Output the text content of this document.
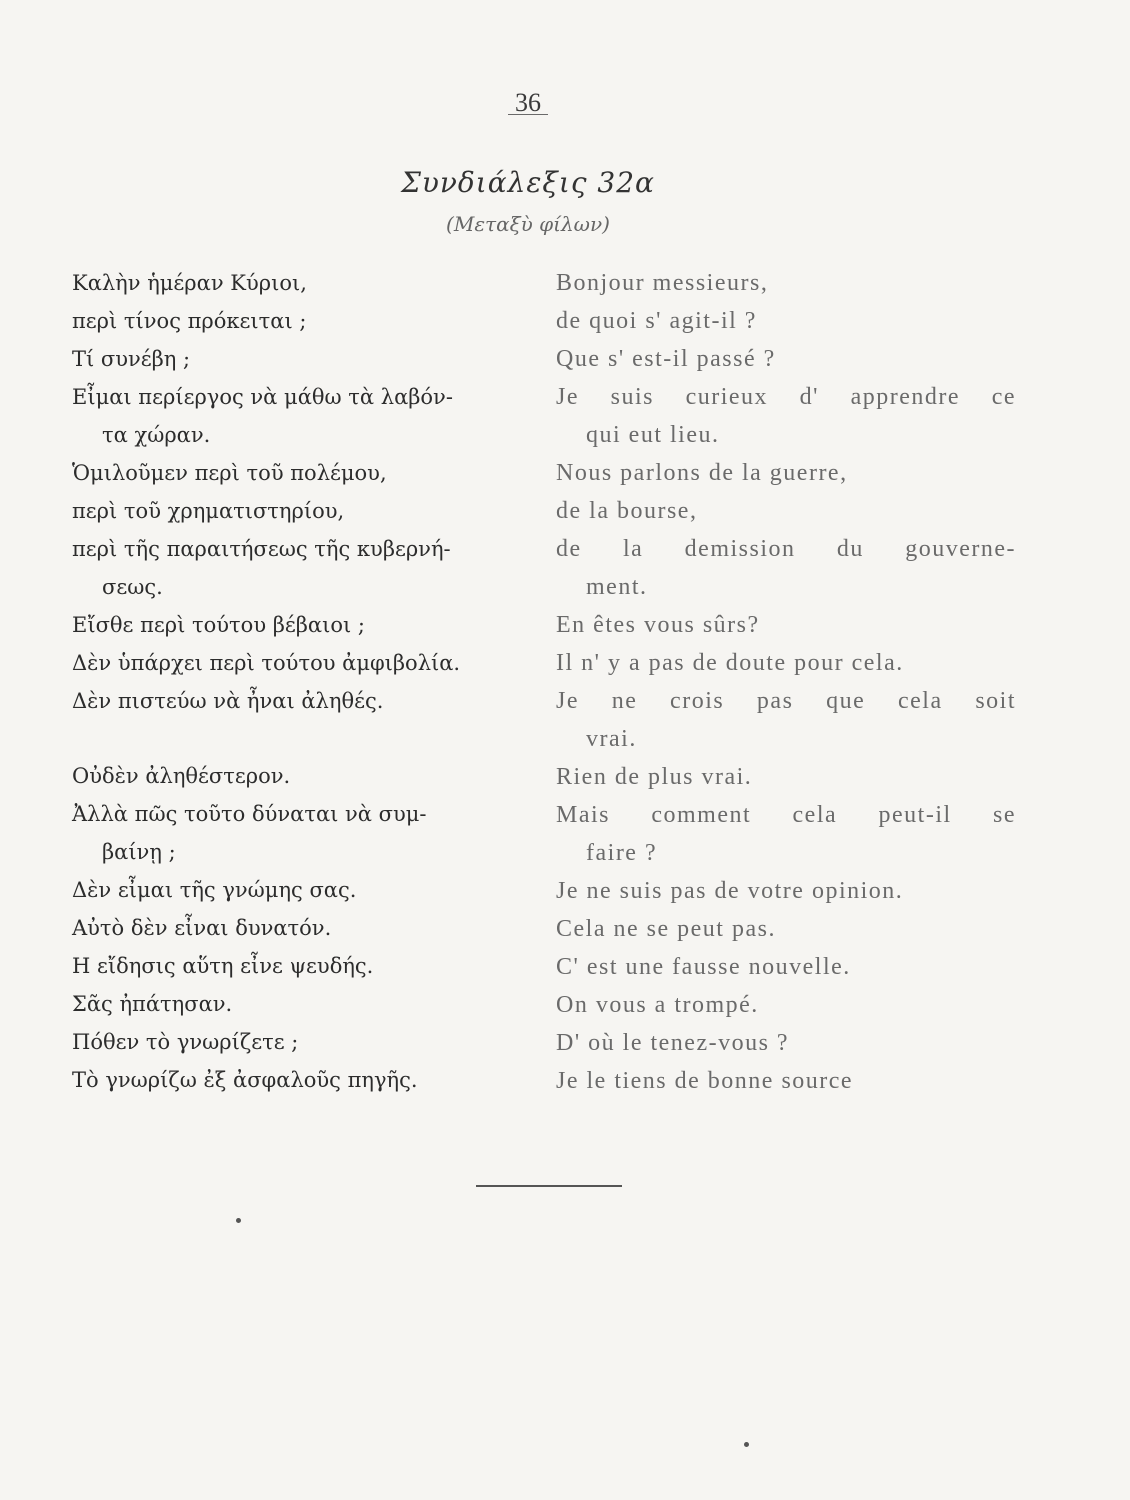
36
Συνδιάλεξις 32α
(Μεταξὺ φίλων)
Καλὴν ἡμέραν Κύριοι,
περὶ τίνος πρόκειται ;
Τί συνέβη ;
Εἶμαι περίεργος νὰ μάθω τὰ λαβόν-
τα χώραν.
Ὁμιλοῦμεν περὶ τοῦ πολέμου,
περὶ τοῦ χρηματιστηρίου,
περὶ τῆς παραιτήσεως τῆς κυβερνή-
σεως.
Εἴσθε περὶ τούτου βέβαιοι ;
Δὲν ὑπάρχει περὶ τούτου ἀμφιβολία.
Δὲν πιστεύω νὰ ἦναι ἀληθές.
Οὐδὲν ἀληθέστερον.
Ἀλλὰ πῶς τοῦτο δύναται νὰ συμ-
βαίνῃ ;
Δὲν εἶμαι τῆς γνώμης σας.
Αὐτὸ δὲν εἶναι δυνατόν.
Η εἴδησις αὕτη εἶνε ψευδής.
Σᾶς ἠπάτησαν.
Πόθεν τὸ γνωρίζετε ;
Τὸ γνωρίζω ἐξ ἀσφαλοῦς πηγῆς.
Bonjour messieurs,
de quoi s' agit-il ?
Que s' est-il passé ?
Je suis curieux d' apprendre ce
qui eut lieu.
Nous parlons de la guerre,
de la bourse,
de la demission du gouverne-
ment.
En êtes vous sûrs?
Il n' y a pas de doute pour cela.
Je ne crois pas que cela soit
vrai.
Rien de plus vrai.
Mais comment cela peut-il se
faire ?
Je ne suis pas de votre opinion.
Cela ne se peut pas.
C' est une fausse nouvelle.
On vous a trompé.
D' où le tenez-vous ?
Je le tiens de bonne source
